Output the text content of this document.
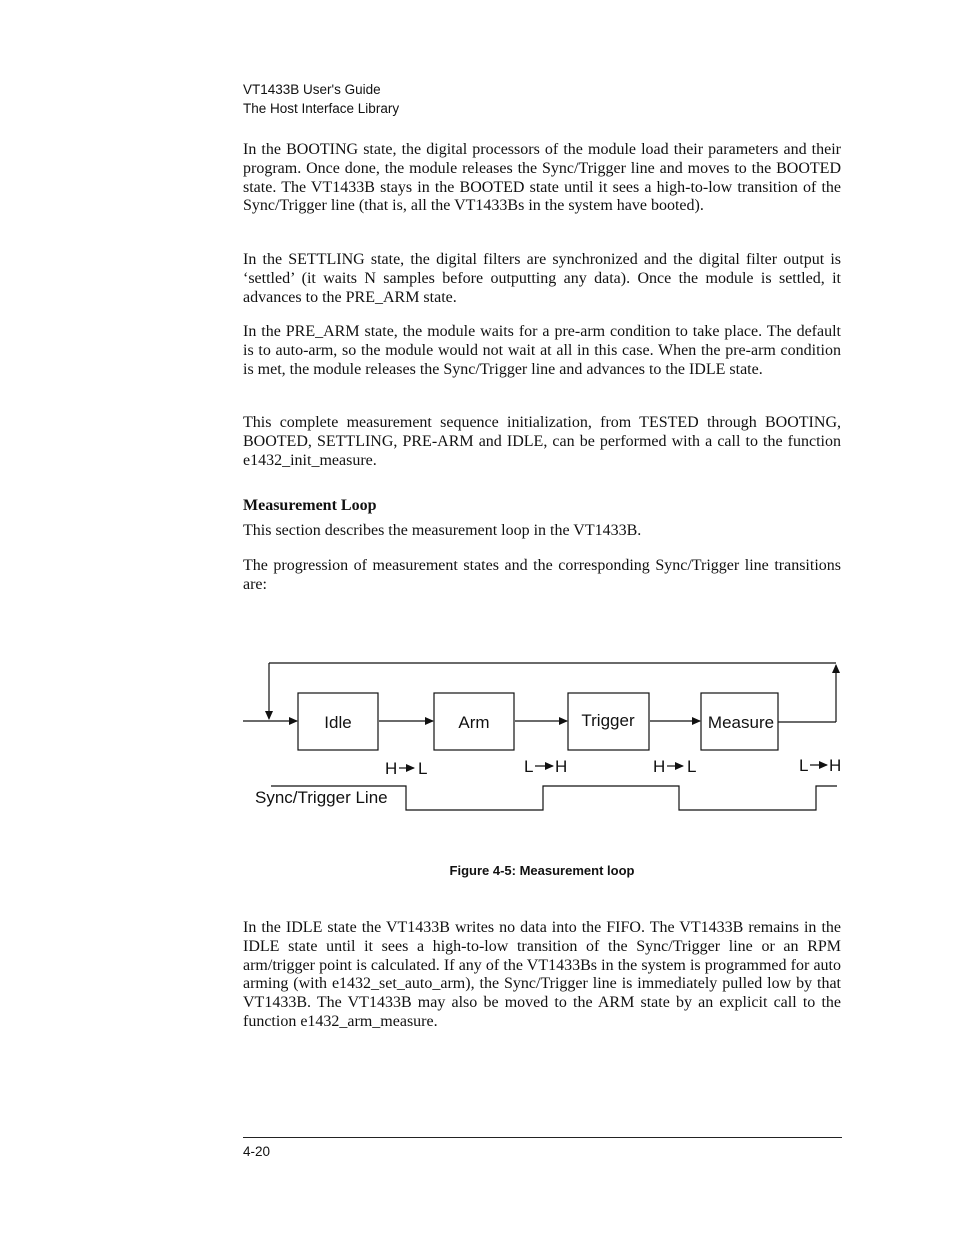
VT1433B User's Guide
The Host Interface Library

In the BOOTING state, the digital processors of the module load their parameters and their program. Once done, the module releases the Sync/Trigger line and moves to the BOOTED state. The VT1433B stays in the BOOTED state until it sees a high-to-low transition of the Sync/Trigger line (that is, all the VT1433Bs in the system have booted).

In the SETTLING state, the digital filters are synchronized and the digital filter output is ‘settled’ (it waits N samples before outputting any data). Once the module is settled, it advances to the PRE_ARM state.

In the PRE_ARM state, the module waits for a pre-arm condition to take place. The default is to auto-arm, so the module would not wait at all in this case. When the pre-arm condition is met, the module releases the Sync/Trigger line and advances to the IDLE state.

This complete measurement sequence initialization, from TESTED through BOOTING, BOOTED, SETTLING, PRE-ARM and IDLE, can be performed with a call to the function e1432_init_measure.

Measurement Loop

This section describes the measurement loop in the VT1433B.

The progression of measurement states and the corresponding Sync/Trigger line transitions are:

Idle	Arm	Trigger	Measure
H L	L H	H L	L H
Sync/Trigger Line
Figure 4-5: Measurement loop

In the IDLE state the VT1433B writes no data into the FIFO. The VT1433B remains in the IDLE state until it sees a high-to-low transition of the Sync/Trigger line or an RPM arm/trigger point is calculated. If any of the VT1433Bs in the system is programmed for auto arming (with e1432_set_auto_arm), the Sync/Trigger line is immediately pulled low by that VT1433B. The VT1433B may also be moved to the ARM state by an explicit call to the function e1432_arm_measure.

4-20
